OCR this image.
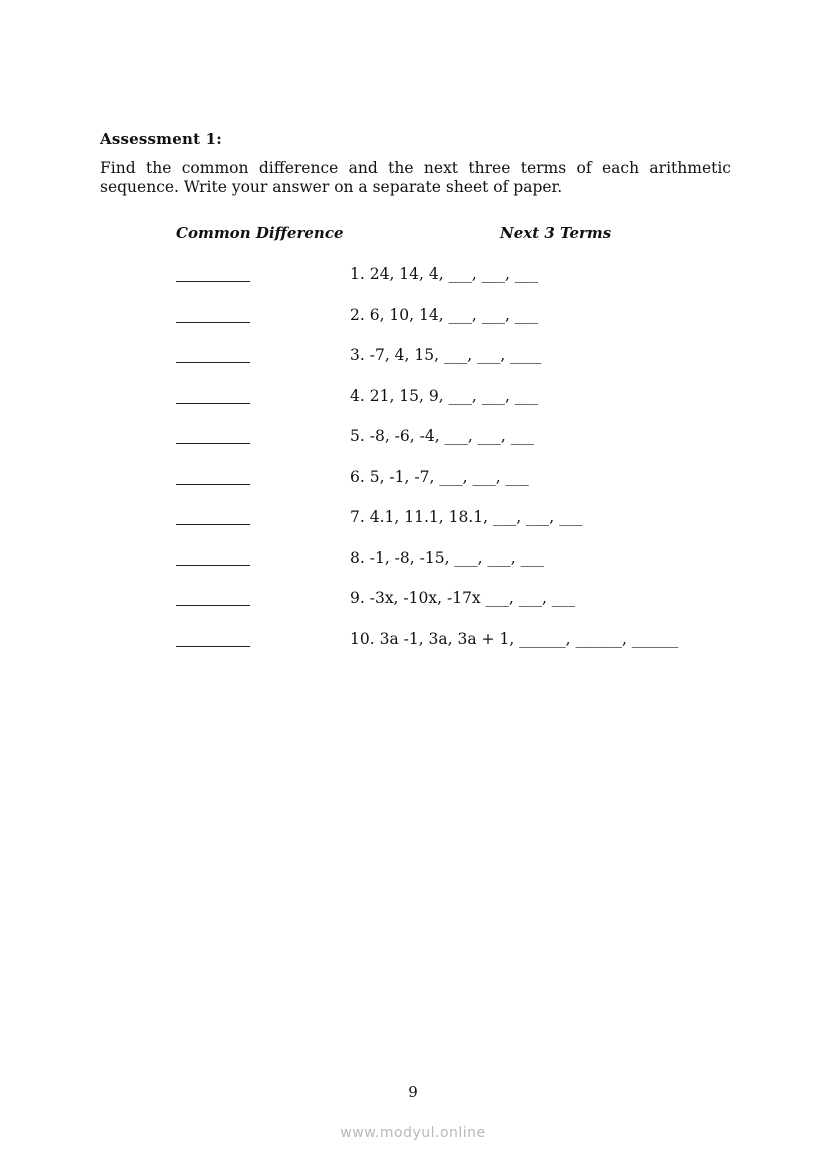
Assessment 1:
Find the common difference and the next three terms of each arithmetic sequence. Write your answer on a separate sheet of paper.
Common Difference	Next 3 Terms
1. 24, 14, 4, ___, ___, ___
2. 6, 10, 14, ___, ___, ___
3. -7, 4, 15, ___, ___, ____
4. 21, 15, 9, ___, ___, ___
5. -8, -6, -4, ___, ___, ___
6. 5, -1, -7, ___, ___, ___
7. 4.1, 11.1, 18.1, ___, ___, ___
8. -1, -8, -15, ___, ___, ___
9. -3x, -10x, -17x ___, ___, ___
10. 3a -1, 3a, 3a + 1, ______, ______, ______
9
www.modyul.online
